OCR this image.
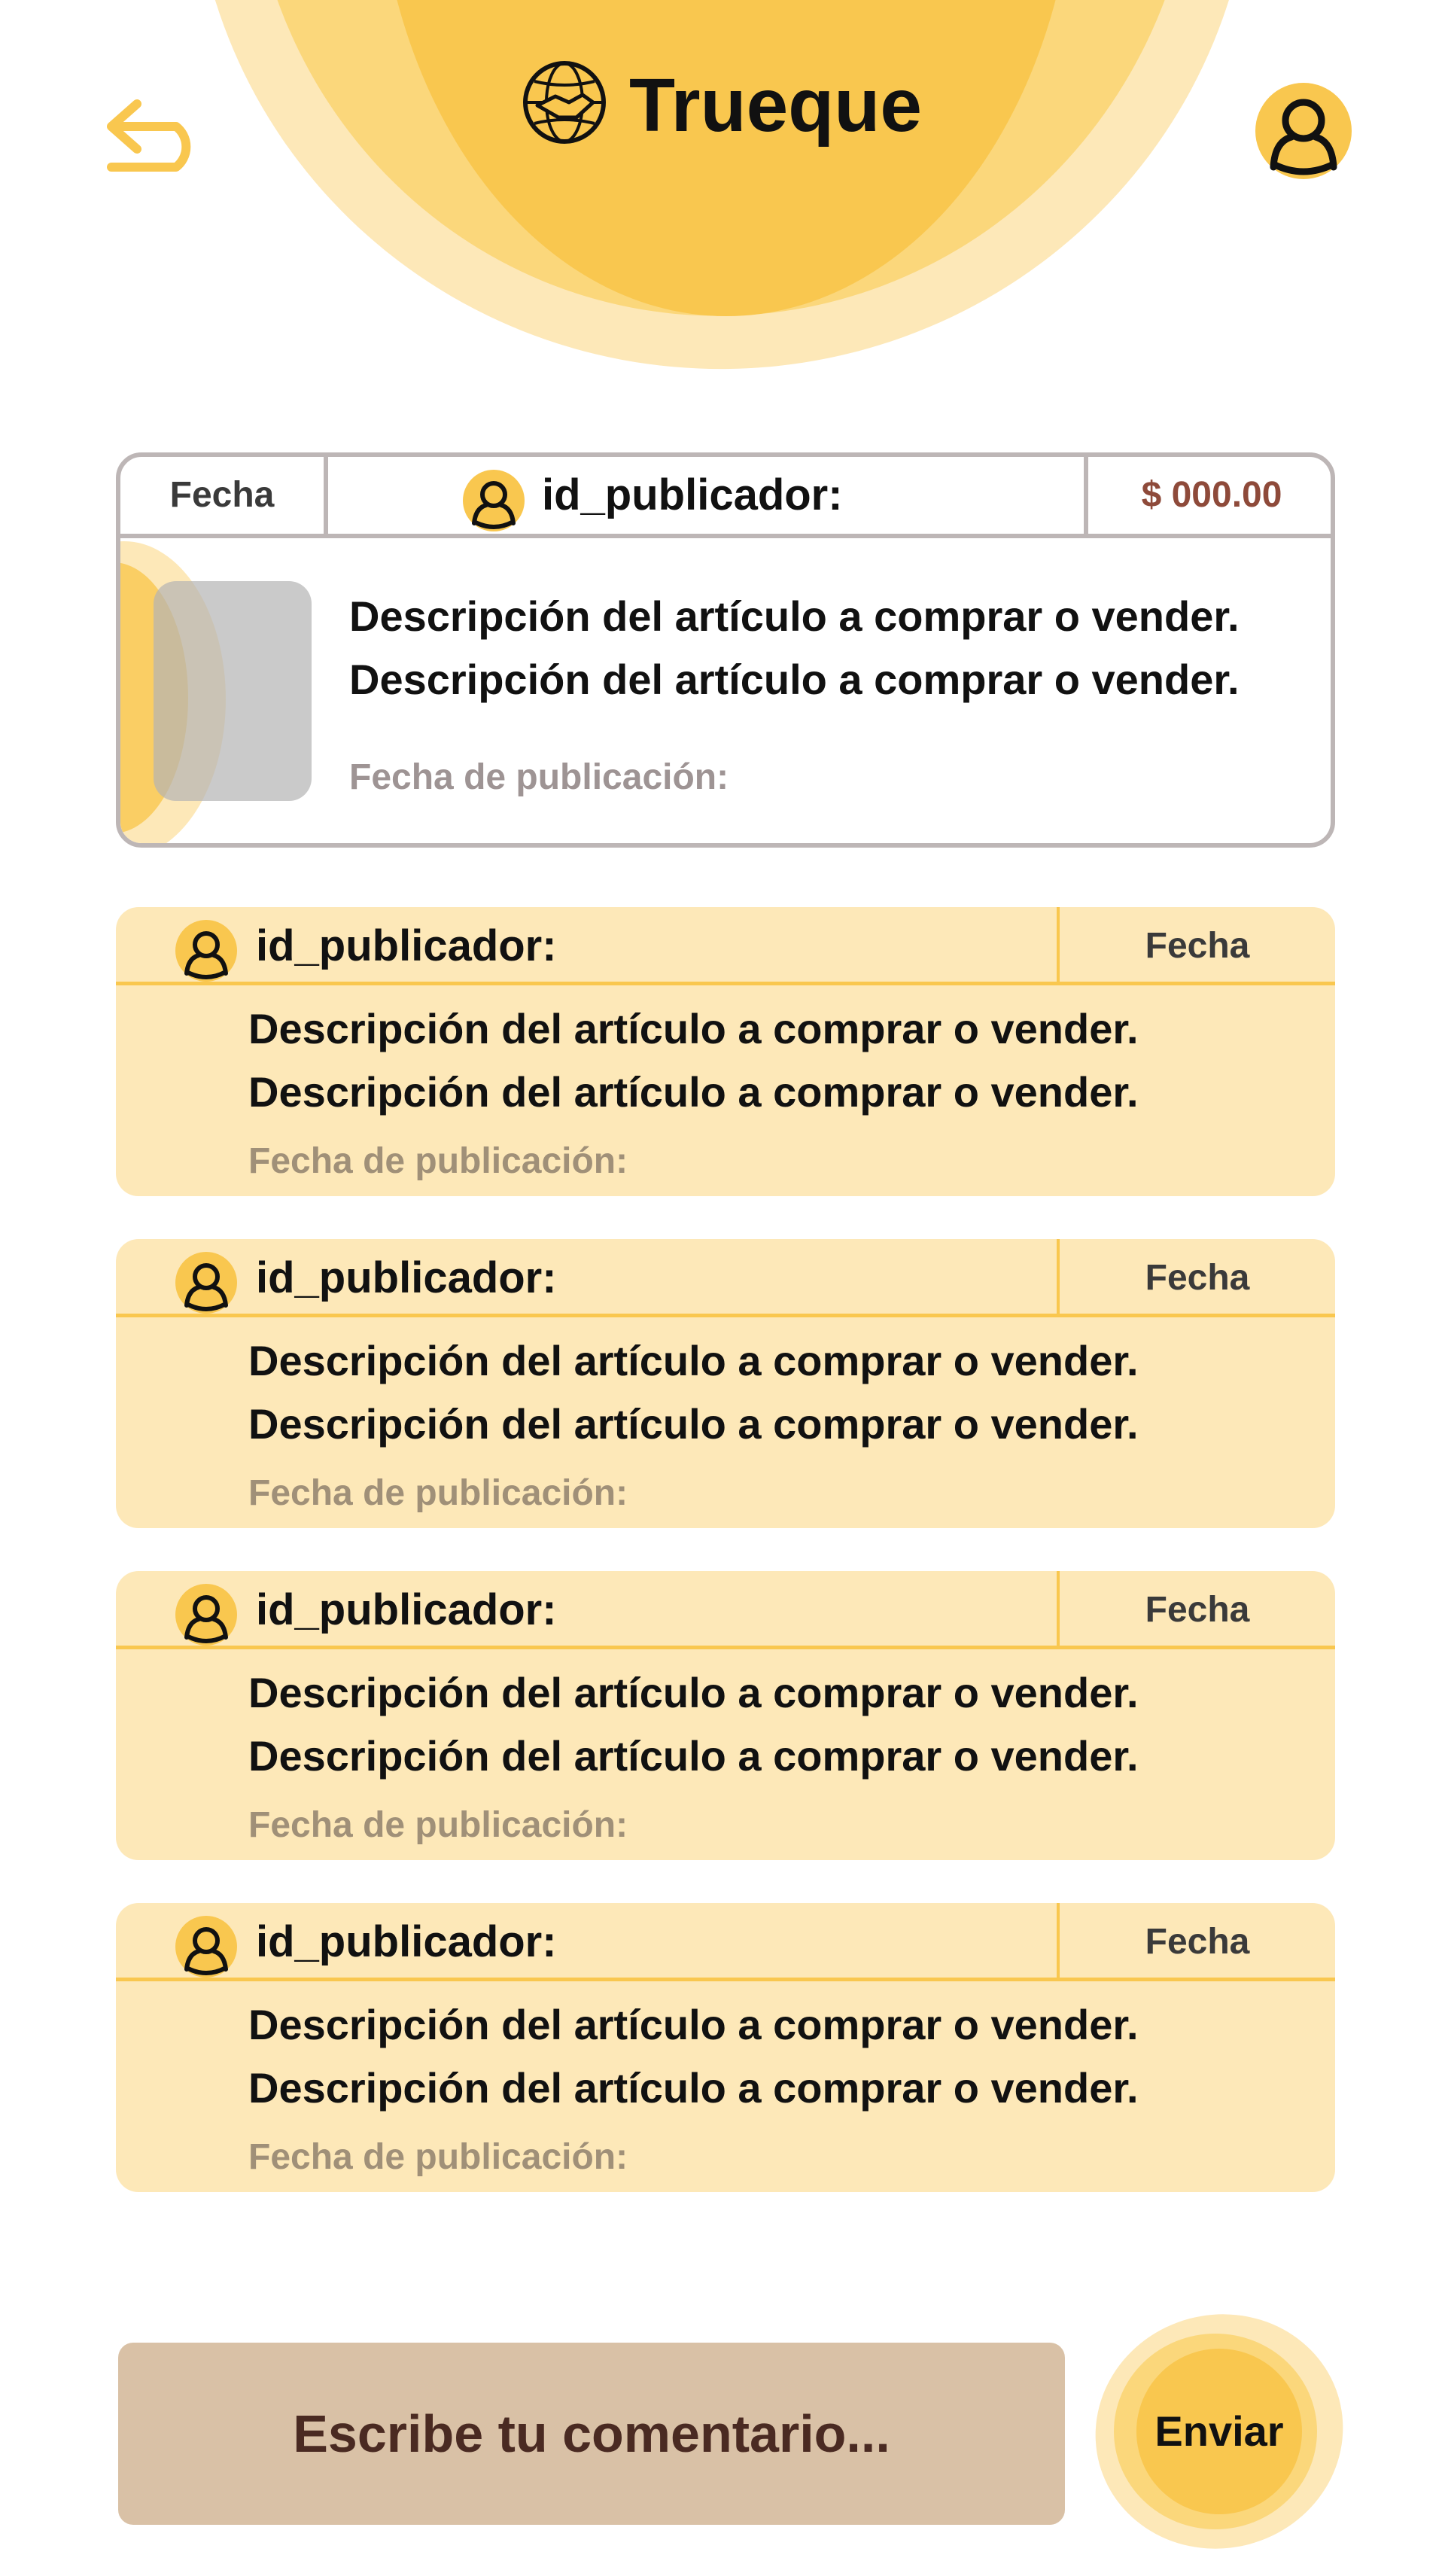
Trueque
Fecha	id_publicador:	$ 000.00
Descripción del artículo a comprar o vender. Descripción del artículo a comprar o vender.
Fecha de publicación:
id_publicador:	Fecha
Descripción del artículo a comprar o vender. Descripción del artículo a comprar o vender.
Fecha de publicación:
id_publicador:	Fecha
Descripción del artículo a comprar o vender. Descripción del artículo a comprar o vender.
Fecha de publicación:
id_publicador:	Fecha
Descripción del artículo a comprar o vender. Descripción del artículo a comprar o vender.
Fecha de publicación:
id_publicador:	Fecha
Descripción del artículo a comprar o vender. Descripción del artículo a comprar o vender.
Fecha de publicación:
Escribe tu comentario...
Enviar
